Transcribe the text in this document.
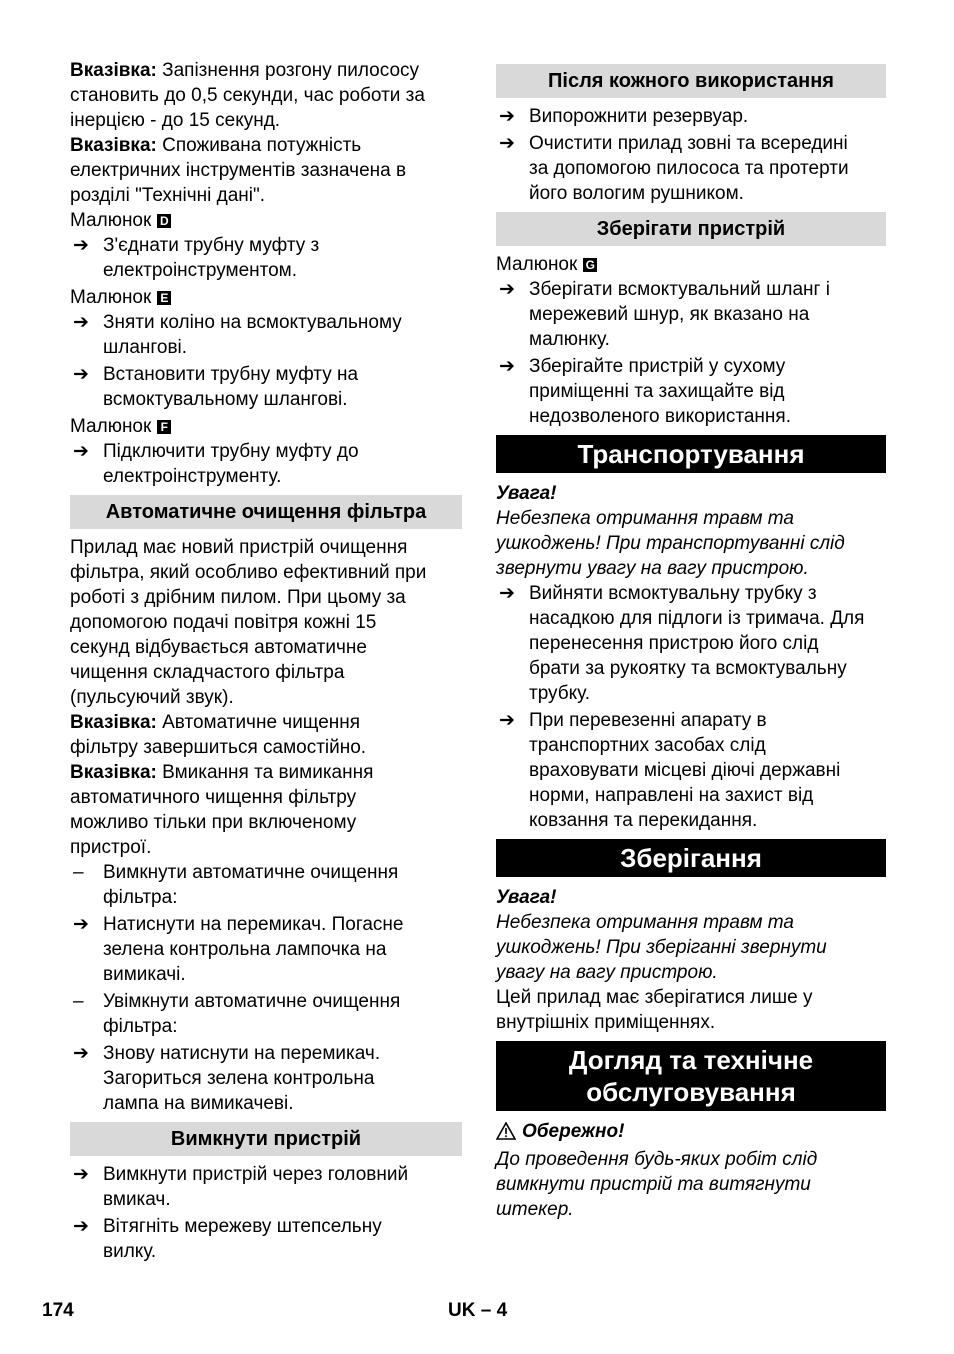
Вказівка: Запізнення розгону пилососу
становить до 0,5 секунди, час роботи за
інерцією - до 15 секунд.

Вказівка: Споживана потужність
електричних інструментів зазначена в
розділі "Технічні дані".

Малюнок D
➔ З'єднати трубну муфту з
електроінструментом.
Малюнок E
➔ Зняти коліно на всмоктувальному
шлангові.
➔ Встановити трубну муфту на
всмоктувальному шлангові.
Малюнок F
➔ Підключити трубну муфту до
електроінструменту.
Автоматичне очищення фільтра

Прилад має новий пристрій очищення
фільтра, який особливо ефективний при
роботі з дрібним пилом. При цьому за
допомогою подачі повітря кожні 15
секунд відбувається автоматичне
чищення складчастого фільтра
(пульсуючий звук).

Вказівка: Автоматичне чищення
фільтру завершиться самостійно.

Вказівка: Вмикання та вимикання
автоматичного чищення фільтру
можливо тільки при включеному
пристрої.

–	Вимкнути автоматичне очищення
фільтра:
➔ Натиснути на перемикач. Погасне
зелена контрольна лампочка на
вимикачі.
–	Увімкнути автоматичне очищення
фільтра:
➔ Знову натиснути на перемикач.
Загориться зелена контрольна
лампа на вимикачеві.
Вимкнути пристрій
➔ Вимкнути пристрій через головний
вмикач.
➔ Вітягніть мережеву штепсельну
вилку.
Після кожного використання
➔ Випорожнити резервуар.
➔ Очистити прилад зовні та всередині
за допомогою пилососа та протерти
його вологим рушником.
Зберігати пристрій
Малюнок G
➔ Зберігати всмоктувальний шланг і
мережевий шнур, як вказано на
малюнку.
➔ Зберігайте пристрій у сухому
приміщенні та захищайте від
недозволеного використання.
Транспортування

Увага!

Небезпека отримання травм та
ушкоджень! При транспортуванні слід
звернути увагу на вагу пристрою.

➔ Вийняти всмоктувальну трубку з
насадкою для підлоги із тримача. Для
перенесення пристрою його слід
брати за рукоятку та всмоктувальну
трубку.
➔ При перевезенні апарату в
транспортних засобах слід
враховувати місцеві діючі державні
норми, направлені на захист від
ковзання та перекидання.
Зберігання

Увага!

Небезпека отримання травм та
ушкоджень! При зберіганні звернути
увагу на вагу пристрою.

Цей прилад має зберігатися лише у
внутрішніх приміщеннях.

Догляд та технічне
обслуговування

Обережно!

До проведення будь-яких робіт слід
вимкнути пристрій та витягнути
штекер.

174	UK – 4
